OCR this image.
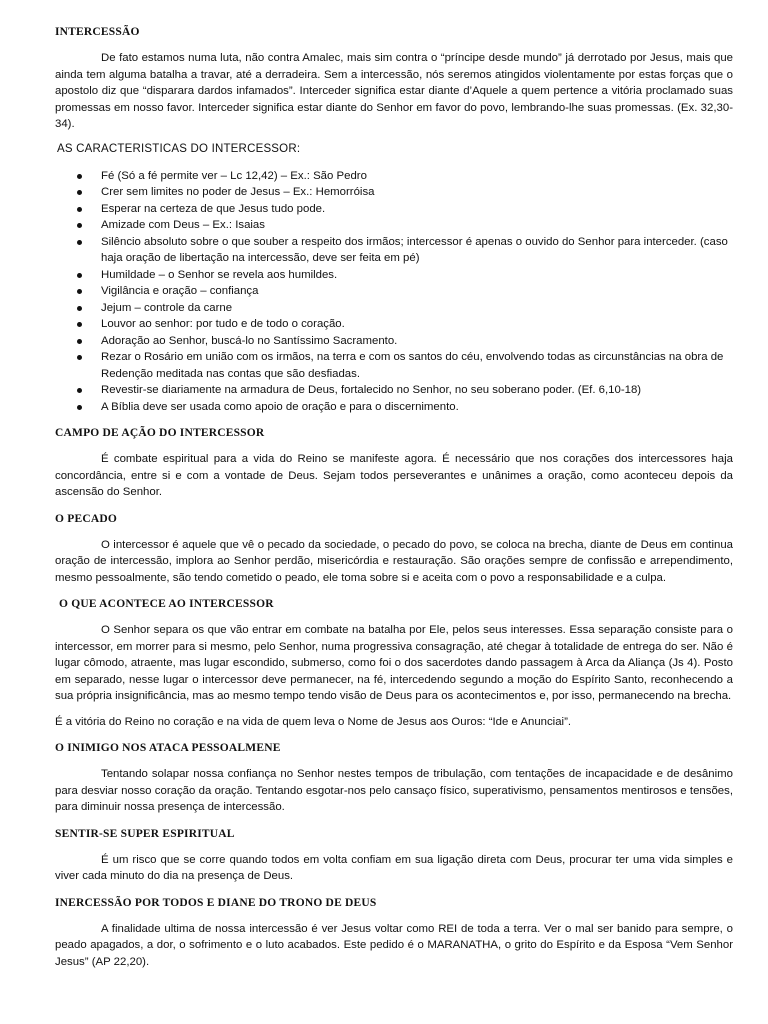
INTERCESSÃO

De fato estamos numa luta, não contra Amalec, mais sim contra o “príncipe desde mundo” já derrotado por Jesus, mais que ainda tem alguma batalha a travar, até a derradeira. Sem a intercessão, nós seremos atingidos violentamente por estas forças que o apostolo diz que “disparara dardos infamados”. Interceder significa estar diante d’Aquele a quem pertence a vitória proclamado suas promessas em nosso favor. Interceder significa estar diante do Senhor em favor do povo, lembrando-lhe suas promessas. (Ex. 32,30-34).

AS CARACTERISTICAS DO INTERCESSOR:
Fé (Só a fé permite ver – Lc 12,42) – Ex.: São Pedro
Crer sem limites no poder de Jesus – Ex.: Hemorróisa
Esperar na certeza de que Jesus tudo pode.
Amizade com Deus – Ex.: Isaias
Silêncio absoluto sobre o que souber a respeito dos irmãos; intercessor é apenas o ouvido do Senhor para interceder. (caso haja oração de libertação na intercessão, deve ser feita em pé)
Humildade – o Senhor se revela aos humildes.
Vigilância e oração – confiança
Jejum – controle da carne
Louvor ao senhor: por tudo e de todo o coração.
Adoração ao Senhor, buscá-lo no Santíssimo Sacramento.
Rezar o Rosário em união com os irmãos, na terra e com os santos do céu, envolvendo todas as circunstâncias na obra de Redenção meditada nas contas que são desfiadas.
Revestir-se diariamente na armadura de Deus, fortalecido no Senhor, no seu soberano poder. (Ef. 6,10-18)
A Bíblia deve ser usada como apoio de oração e para o discernimento.
CAMPO DE AÇÃO DO INTERCESSOR

É combate espiritual para a vida do Reino se manifeste agora. É necessário que nos corações dos intercessores haja concordância, entre si e com a vontade de Deus. Sejam todos perseverantes e unânimes a oração, como aconteceu depois da ascensão do Senhor.

O PECADO

O intercessor é aquele que vê o pecado da sociedade, o pecado do povo, se coloca na brecha, diante de Deus em continua oração de intercessão, implora ao Senhor perdão, misericórdia e restauração. São orações sempre de confissão e arrependimento, mesmo pessoalmente, são tendo cometido o peado, ele toma sobre si e aceita com o povo a responsabilidade e a culpa.

O QUE ACONTECE AO INTERCESSOR

O Senhor separa os que vão entrar em combate na batalha por Ele, pelos seus interesses. Essa separação consiste para o intercessor, em morrer para si mesmo, pelo Senhor, numa progressiva consagração, até chegar à totalidade de entrega do ser. Não é lugar cômodo, atraente, mas lugar escondido, submerso, como foi o dos sacerdotes dando passagem à Arca da Aliança (Js 4). Posto em separado, nesse lugar o intercessor deve permanecer, na fé, intercedendo segundo a moção do Espírito Santo, reconhecendo a sua própria insignificância, mas ao mesmo tempo tendo visão de Deus para os acontecimentos e, por isso, permanecendo na brecha.

É a vitória do Reino no coração e na vida de quem leva o Nome de Jesus aos Ouros: “Ide e Anunciai”.

O INIMIGO NOS ATACA PESSOALMENE

Tentando solapar nossa confiança no Senhor nestes tempos de tribulação, com tentações de incapacidade e de desânimo para desviar nosso coração da oração. Tentando esgotar-nos pelo cansaço físico, superativismo, pensamentos mentirosos e tensões, para diminuir nossa presença de intercessão.

SENTIR-SE SUPER ESPIRITUAL

É um risco que se corre quando todos em volta confiam em sua ligação direta com Deus, procurar ter uma vida simples e viver cada minuto do dia na presença de Deus.

INERCESSÃO POR TODOS E DIANE DO TRONO DE DEUS

A finalidade ultima de nossa intercessão é ver Jesus voltar como REI de toda a terra. Ver o mal ser banido para sempre, o peado apagados, a dor, o sofrimento e o luto acabados. Este pedido é o MARANATHA, o grito do Espírito e da Esposa “Vem Senhor Jesus” (AP 22,20).
